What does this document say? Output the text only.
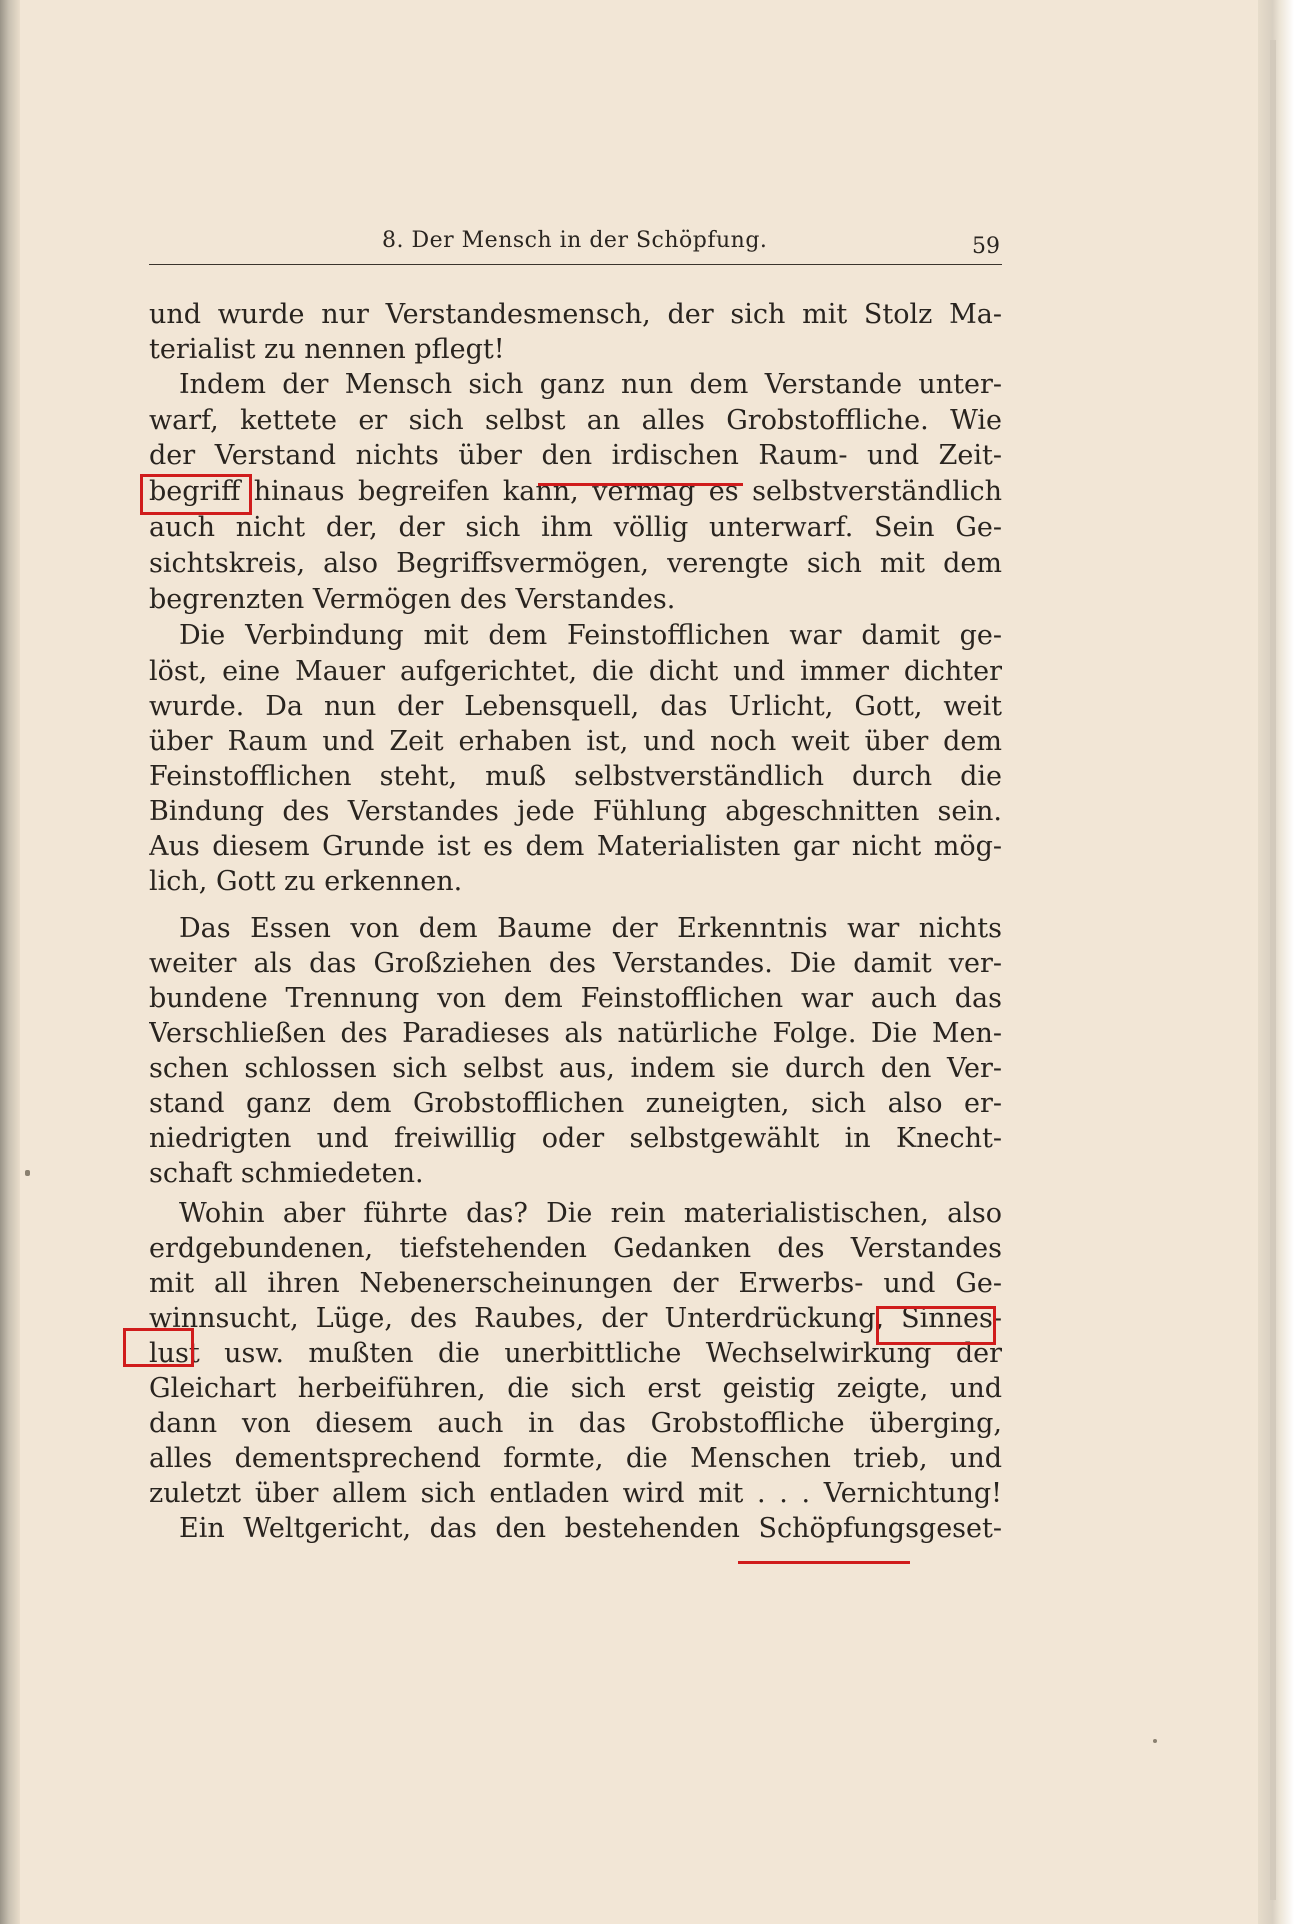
8. Der Mensch in der Schöpfung.	59
und wurde nur Verstandesmensch, der sich mit Stolz Ma-
terialist zu nennen pflegt!
Indem der Mensch sich ganz nun dem Verstande unter-
warf, kettete er sich selbst an alles Grobstoffliche. Wie
der Verstand nichts über den irdischen Raum- und Zeit-
begriff hinaus begreifen kann, vermag es selbstverständlich
auch nicht der, der sich ihm völlig unterwarf. Sein Ge-
sichtskreis, also Begriffsvermögen, verengte sich mit dem
begrenzten Vermögen des Verstandes.
Die Verbindung mit dem Feinstofflichen war damit ge-
löst, eine Mauer aufgerichtet, die dicht und immer dichter
wurde. Da nun der Lebensquell, das Urlicht, Gott, weit
über Raum und Zeit erhaben ist, und noch weit über dem
Feinstofflichen steht, muß selbstverständlich durch die
Bindung des Verstandes jede Fühlung abgeschnitten sein.
Aus diesem Grunde ist es dem Materialisten gar nicht mög-
lich, Gott zu erkennen.
Das Essen von dem Baume der Erkenntnis war nichts
weiter als das Großziehen des Verstandes. Die damit ver-
bundene Trennung von dem Feinstofflichen war auch das
Verschließen des Paradieses als natürliche Folge. Die Men-
schen schlossen sich selbst aus, indem sie durch den Ver-
stand ganz dem Grobstofflichen zuneigten, sich also er-
niedrigten und freiwillig oder selbstgewählt in Knecht-
schaft schmiedeten.
Wohin aber führte das? Die rein materialistischen, also
erdgebundenen, tiefstehenden Gedanken des Verstandes
mit all ihren Nebenerscheinungen der Erwerbs- und Ge-
winnsucht, Lüge, des Raubes, der Unterdrückung, Sinnes-
lust usw. mußten die unerbittliche Wechselwirkung der
Gleichart herbeiführen, die sich erst geistig zeigte, und
dann von diesem auch in das Grobstoffliche überging,
alles dementsprechend formte, die Menschen trieb, und
zuletzt über allem sich entladen wird mit . . . Vernichtung!
Ein Weltgericht, das den bestehenden Schöpfungsgeset-
